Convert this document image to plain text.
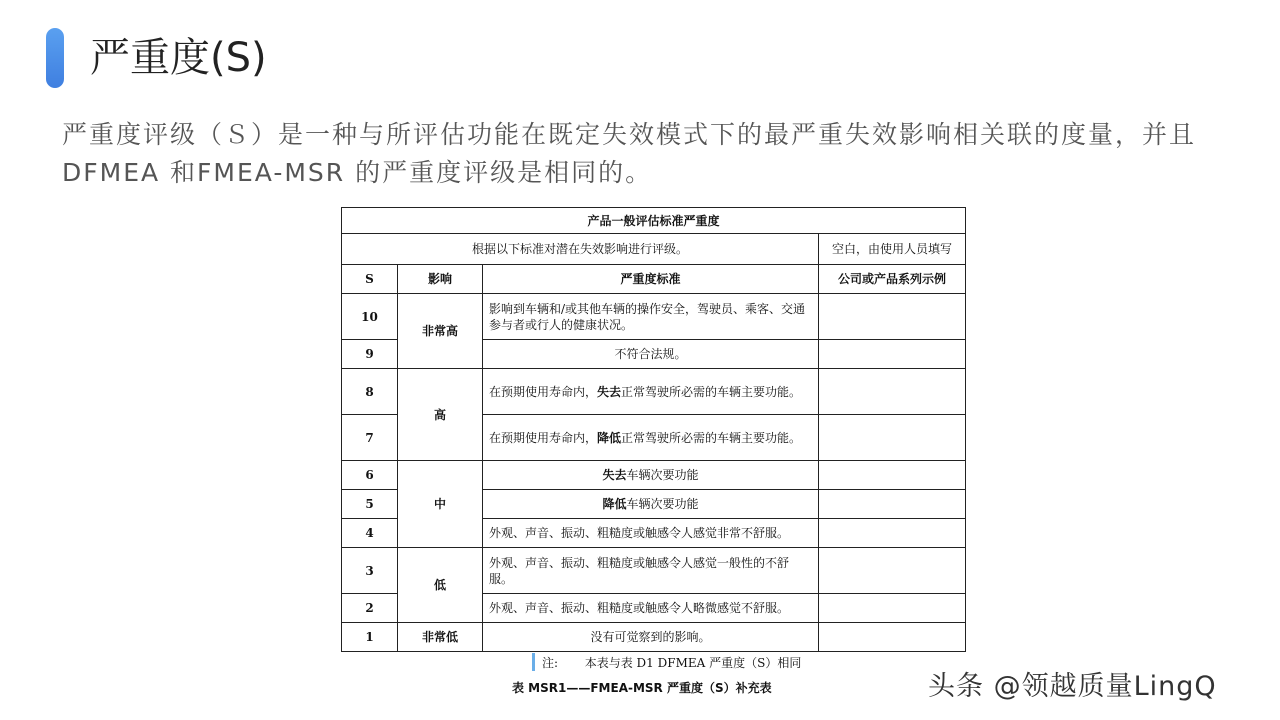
严重度(S)
严重度评级（Ｓ）是一种与所评估功能在既定失效模式下的最严重失效影响相关联的度量，并且DFMEA 和FMEA-MSR 的严重度评级是相同的。
产品一般评估标准严重度			
根据以下标准对潜在失效影响进行评级。			空白，由使用人员填写
S	影响	严重度标准	公司或产品系列示例
10	非常高	影响到车辆和/或其他车辆的操作安全，驾驶员、乘客、交通参与者或行人的健康状况。	
9		不符合法规。	
8	高	在预期使用寿命内，失去正常驾驶所必需的车辆主要功能。	
7		在预期使用寿命内，降低正常驾驶所必需的车辆主要功能。	
6	中	失去车辆次要功能	
5		降低车辆次要功能	
4		外观、声音、振动、粗糙度或触感令人感觉非常不舒服。	
3	低	外观、声音、振动、粗糙度或触感令人感觉一般性的不舒服。	
2		外观、声音、振动、粗糙度或触感令人略微感觉不舒服。	
1	非常低	没有可觉察到的影响。	
注:       本表与表 D1 DFMEA 严重度（S）相同
表 MSR1——FMEA-MSR 严重度（S）补充表	头条 @领越质量LingQ
